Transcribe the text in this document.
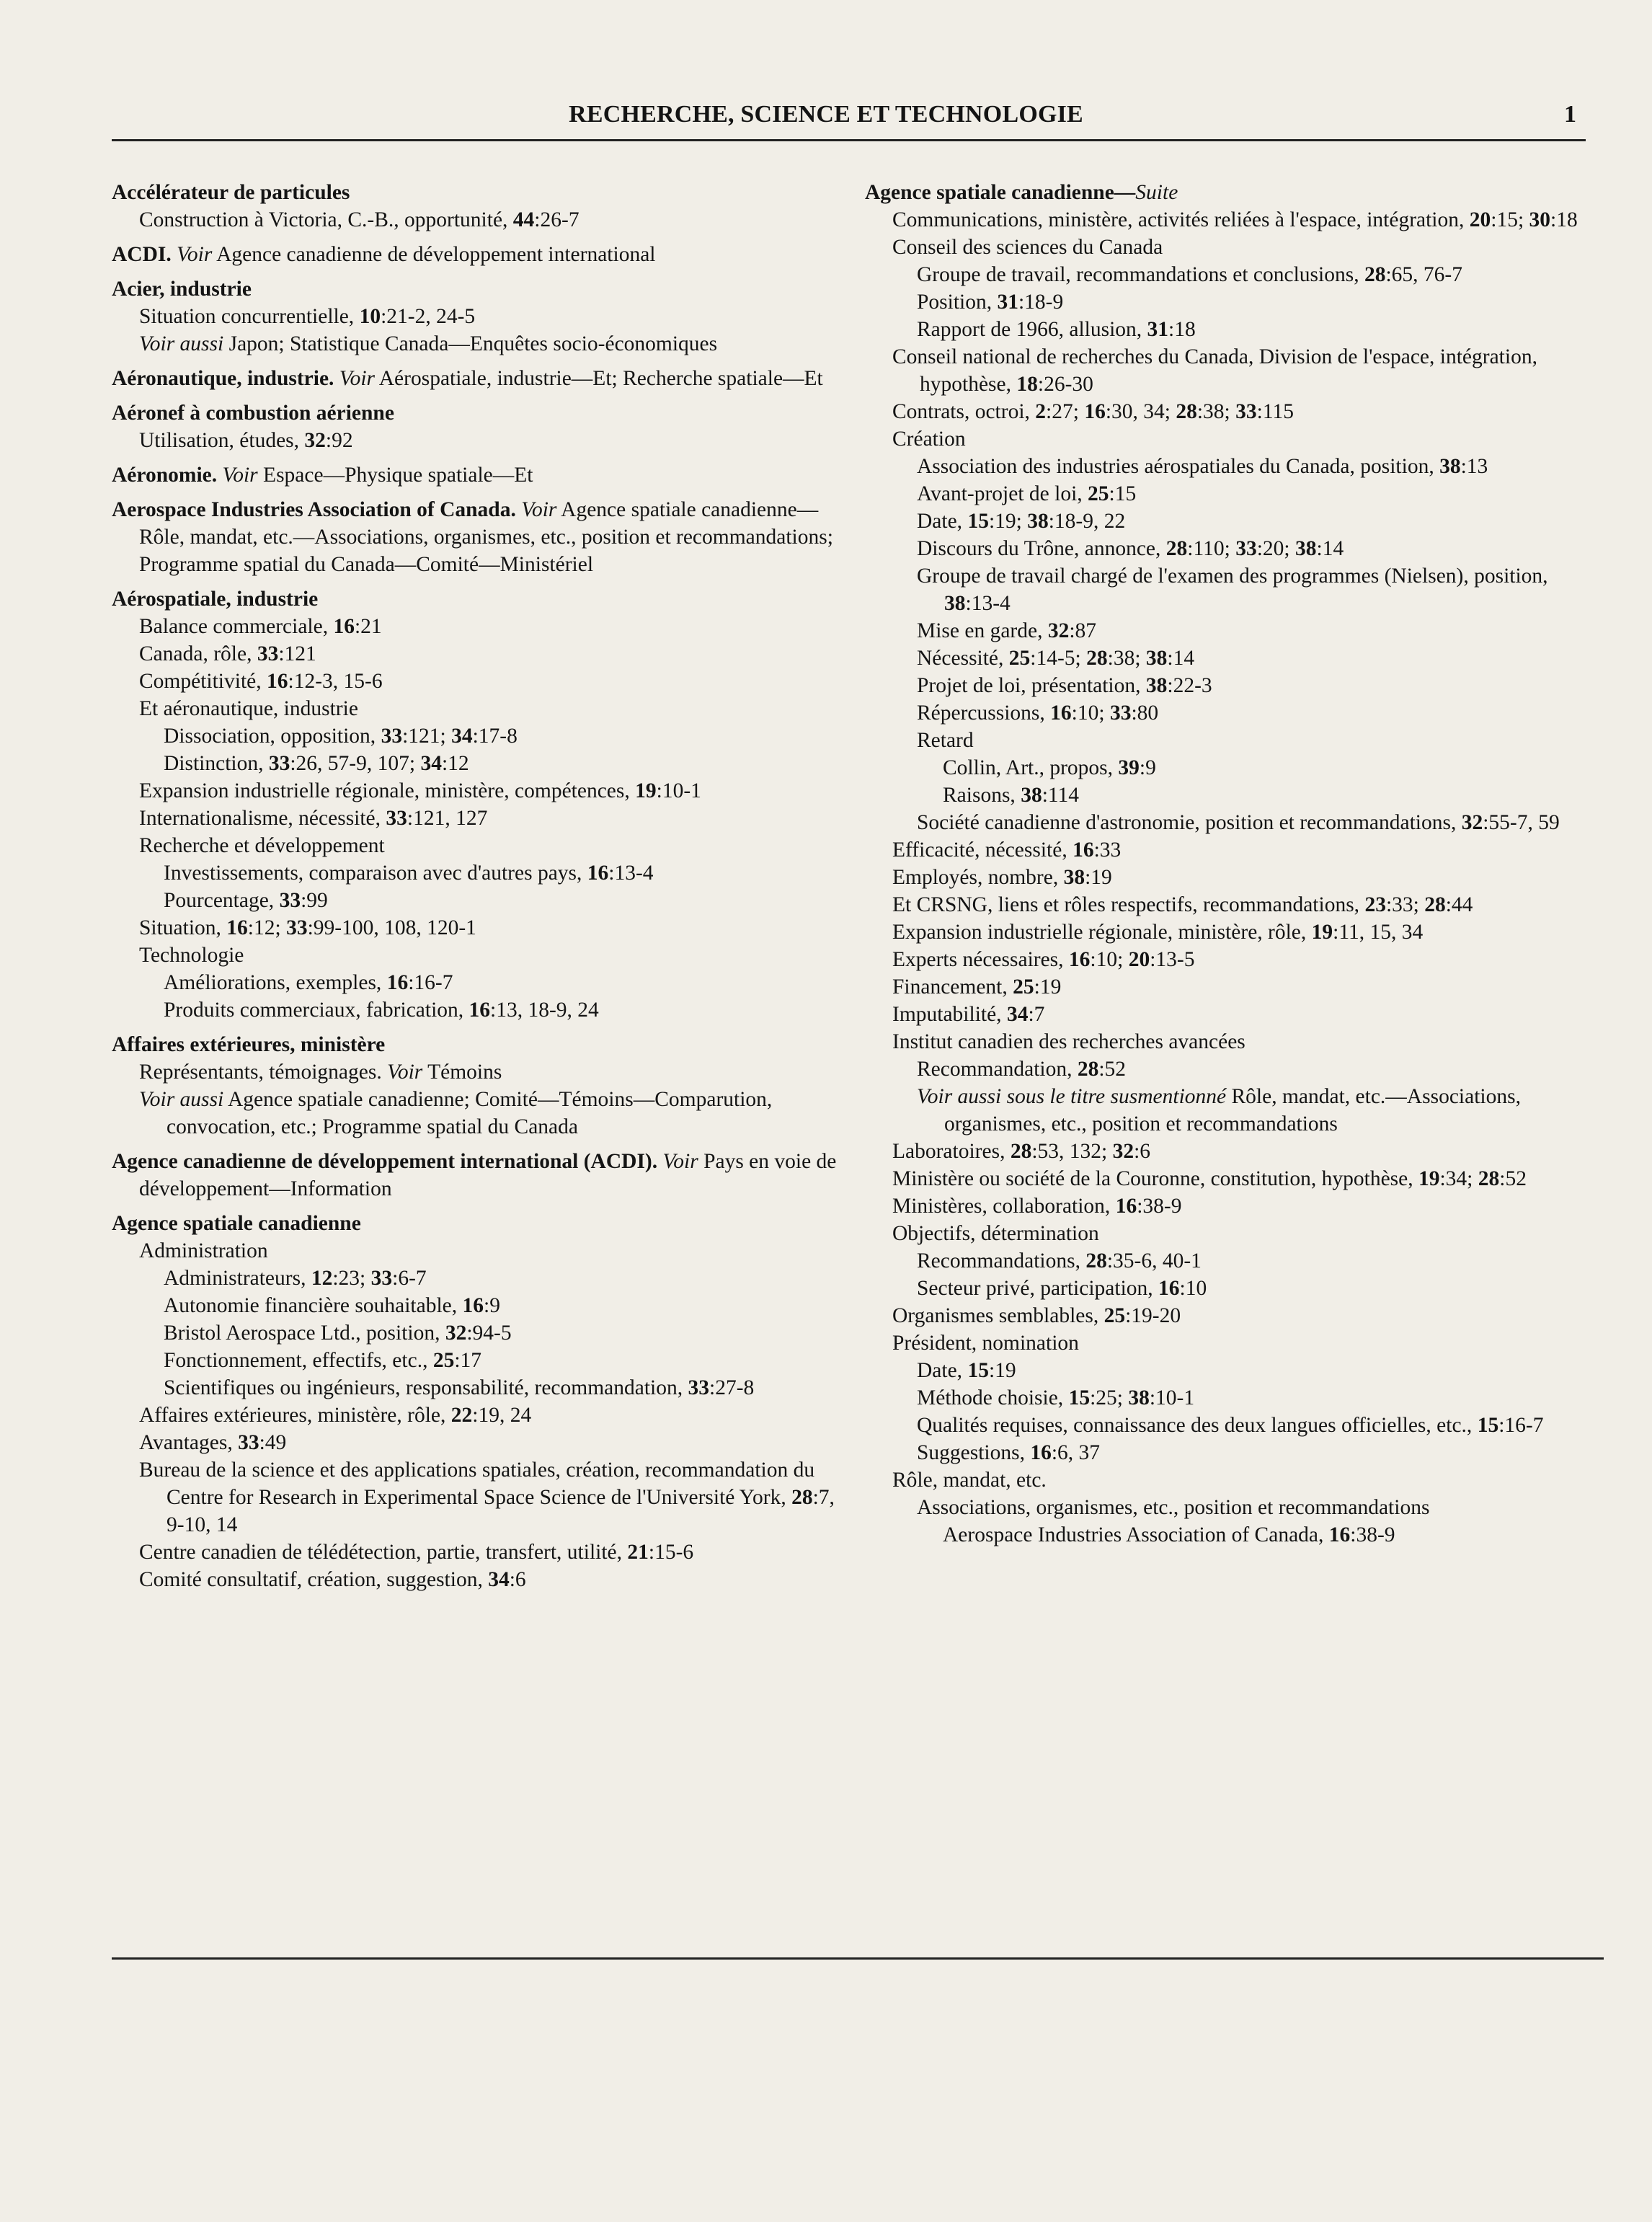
RECHERCHE, SCIENCE ET TECHNOLOGIE	1
Accélérateur de particules
Construction à Victoria, C.-B., opportunité, 44:26-7
ACDI. Voir Agence canadienne de développement international
Acier, industrie
Situation concurrentielle, 10:21-2, 24-5
Voir aussi Japon; Statistique Canada—Enquêtes socio-économiques
Aéronautique, industrie. Voir Aérospatiale, industrie—Et; Recherche spatiale—Et
Aéronef à combustion aérienne
Utilisation, études, 32:92
Aéronomie. Voir Espace—Physique spatiale—Et
Aerospace Industries Association of Canada. Voir Agence spatiale canadienne—Rôle, mandat, etc.—Associations, organismes, etc., position et recommandations; Programme spatial du Canada—Comité—Ministériel
Aérospatiale, industrie
Balance commerciale, 16:21
Canada, rôle, 33:121
Compétitivité, 16:12-3, 15-6
Et aéronautique, industrie
Dissociation, opposition, 33:121; 34:17-8
Distinction, 33:26, 57-9, 107; 34:12
Expansion industrielle régionale, ministère, compétences, 19:10-1
Internationalisme, nécessité, 33:121, 127
Recherche et développement
Investissements, comparaison avec d'autres pays, 16:13-4
Pourcentage, 33:99
Situation, 16:12; 33:99-100, 108, 120-1
Technologie
Améliorations, exemples, 16:16-7
Produits commerciaux, fabrication, 16:13, 18-9, 24
Affaires extérieures, ministère
Représentants, témoignages. Voir Témoins
Voir aussi Agence spatiale canadienne; Comité—Témoins—Comparution, convocation, etc.; Programme spatial du Canada
Agence canadienne de développement international (ACDI). Voir Pays en voie de développement—Information
Agence spatiale canadienne
Administration
Administrateurs, 12:23; 33:6-7
Autonomie financière souhaitable, 16:9
Bristol Aerospace Ltd., position, 32:94-5
Fonctionnement, effectifs, etc., 25:17
Scientifiques ou ingénieurs, responsabilité, recommandation, 33:27-8
Affaires extérieures, ministère, rôle, 22:19, 24
Avantages, 33:49
Bureau de la science et des applications spatiales, création, recommandation du Centre for Research in Experimental Space Science de l'Université York, 28:7, 9-10, 14
Centre canadien de télédétection, partie, transfert, utilité, 21:15-6
Comité consultatif, création, suggestion, 34:6
Agence spatiale canadienne—Suite
Communications, ministère, activités reliées à l'espace, intégration, 20:15; 30:18
Conseil des sciences du Canada
Groupe de travail, recommandations et conclusions, 28:65, 76-7
Position, 31:18-9
Rapport de 1966, allusion, 31:18
Conseil national de recherches du Canada, Division de l'espace, intégration, hypothèse, 18:26-30
Contrats, octroi, 2:27; 16:30, 34; 28:38; 33:115
Création
Association des industries aérospatiales du Canada, position, 38:13
Avant-projet de loi, 25:15
Date, 15:19; 38:18-9, 22
Discours du Trône, annonce, 28:110; 33:20; 38:14
Groupe de travail chargé de l'examen des programmes (Nielsen), position, 38:13-4
Mise en garde, 32:87
Nécessité, 25:14-5; 28:38; 38:14
Projet de loi, présentation, 38:22-3
Répercussions, 16:10; 33:80
Retard
Collin, Art., propos, 39:9
Raisons, 38:114
Société canadienne d'astronomie, position et recommandations, 32:55-7, 59
Efficacité, nécessité, 16:33
Employés, nombre, 38:19
Et CRSNG, liens et rôles respectifs, recommandations, 23:33; 28:44
Expansion industrielle régionale, ministère, rôle, 19:11, 15, 34
Experts nécessaires, 16:10; 20:13-5
Financement, 25:19
Imputabilité, 34:7
Institut canadien des recherches avancées
Recommandation, 28:52
Voir aussi sous le titre susmentionné Rôle, mandat, etc.—Associations, organismes, etc., position et recommandations
Laboratoires, 28:53, 132; 32:6
Ministère ou société de la Couronne, constitution, hypothèse, 19:34; 28:52
Ministères, collaboration, 16:38-9
Objectifs, détermination
Recommandations, 28:35-6, 40-1
Secteur privé, participation, 16:10
Organismes semblables, 25:19-20
Président, nomination
Date, 15:19
Méthode choisie, 15:25; 38:10-1
Qualités requises, connaissance des deux langues officielles, etc., 15:16-7
Suggestions, 16:6, 37
Rôle, mandat, etc.
Associations, organismes, etc., position et recommandations
Aerospace Industries Association of Canada, 16:38-9
